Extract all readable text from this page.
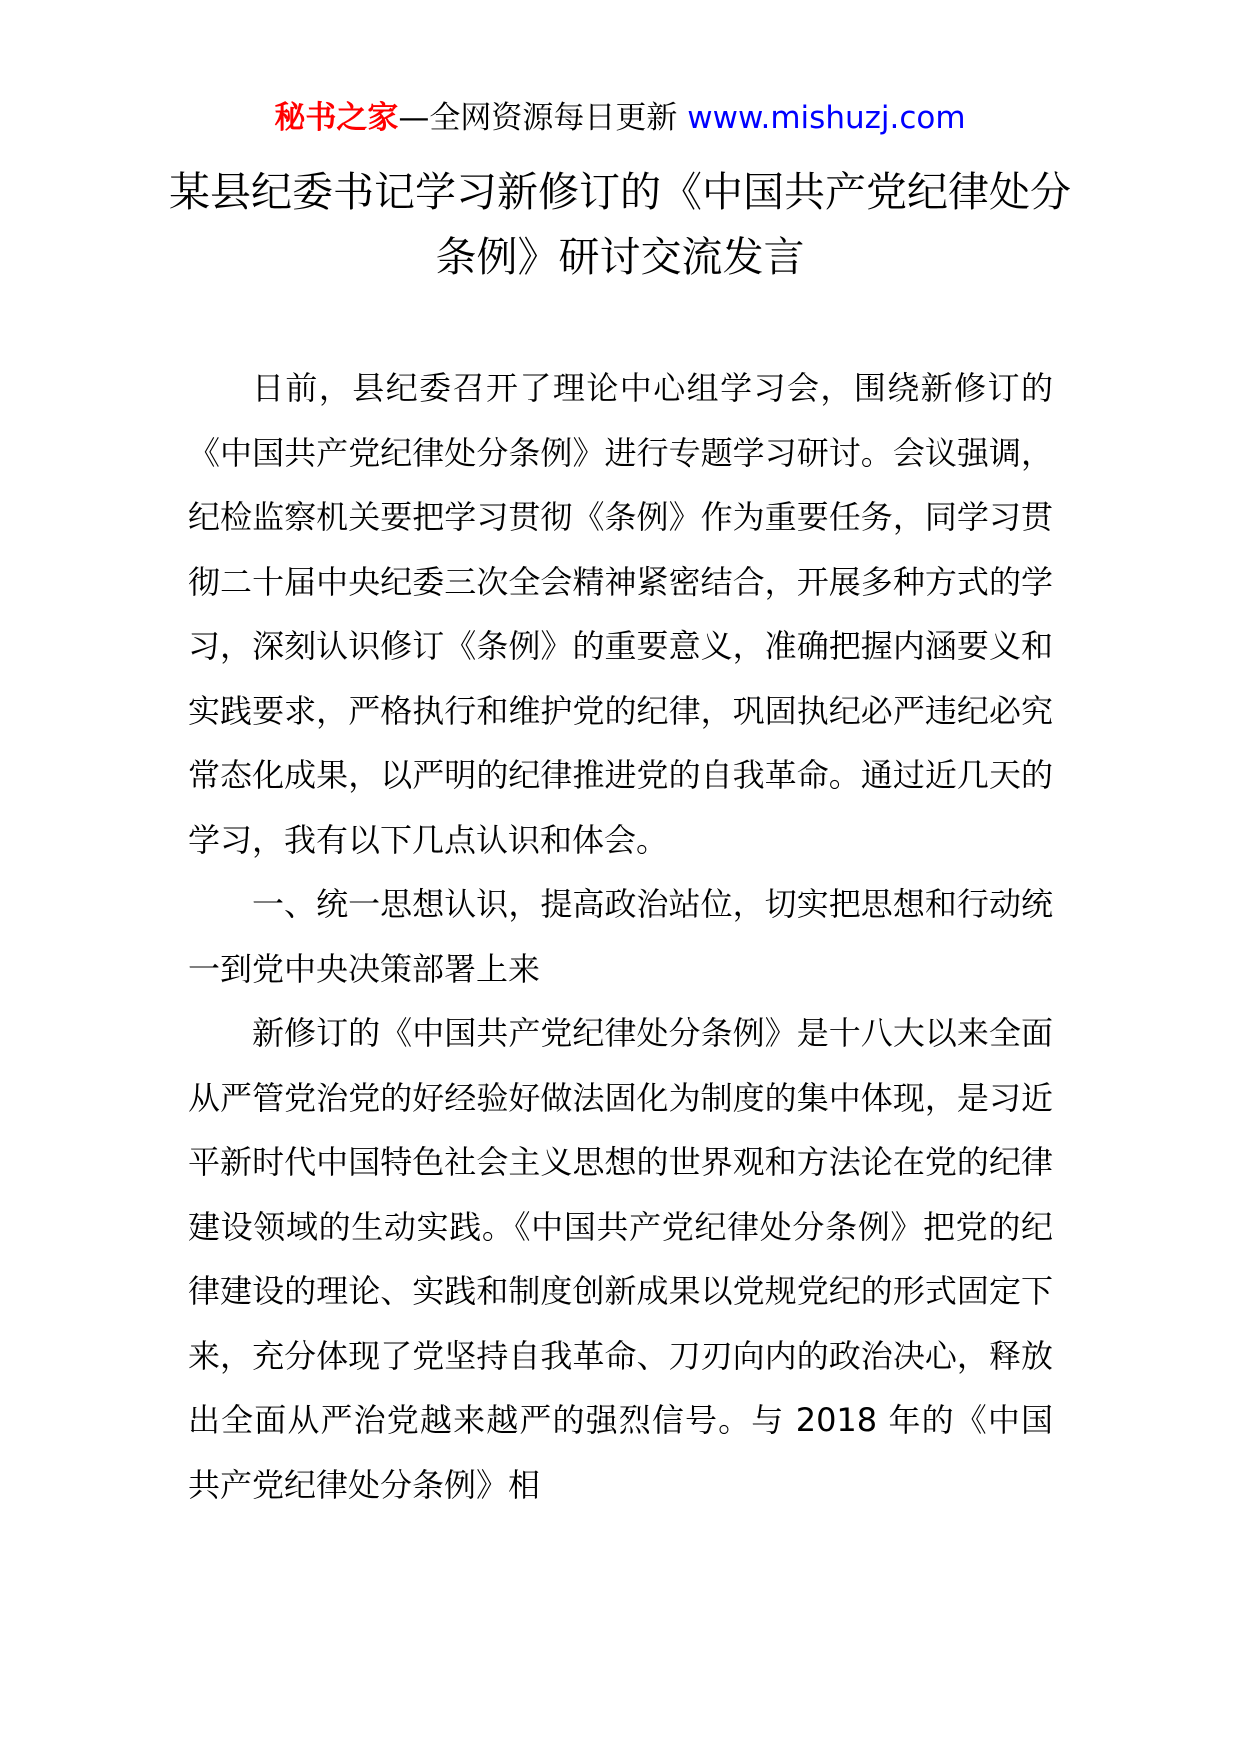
秘书之家—全网资源每日更新 www.mishuzj.com
某县纪委书记学习新修订的《中国共产党纪律处分条例》研讨交流发言

日前，县纪委召开了理论中心组学习会，围绕新修订的《中国共产党纪律处分条例》进行专题学习研讨。会议强调，纪检监察机关要把学习贯彻《条例》作为重要任务，同学习贯彻二十届中央纪委三次全会精神紧密结合，开展多种方式的学习，深刻认识修订《条例》的重要意义，准确把握内涵要义和实践要求，严格执行和维护党的纪律，巩固执纪必严违纪必究常态化成果，以严明的纪律推进党的自我革命。通过近几天的学习，我有以下几点认识和体会。

一、统一思想认识，提高政治站位，切实把思想和行动统一到党中央决策部署上来

新修订的《中国共产党纪律处分条例》是十八大以来全面从严管党治党的好经验好做法固化为制度的集中体现，是习近平新时代中国特色社会主义思想的世界观和方法论在党的纪律建设领域的生动实践。《中国共产党纪律处分条例》把党的纪律建设的理论、实践和制度创新成果以党规党纪的形式固定下来，充分体现了党坚持自我革命、刀刃向内的政治决心，释放出全面从严治党越来越严的强烈信号。与 2018 年的《中国共产党纪律处分条例》相
